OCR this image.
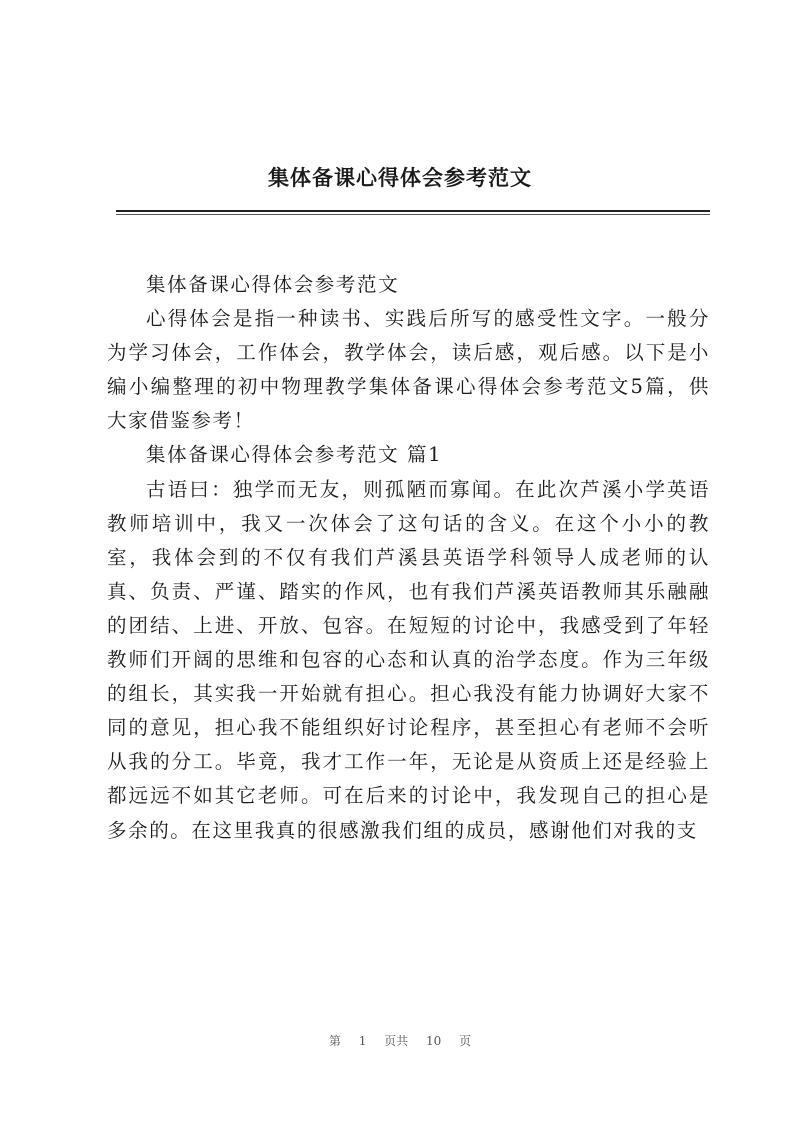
集体备课心得体会参考范文

集体备课心得体会参考范文

心得体会是指一种读书、实践后所写的感受性文字。一般分为学习体会，工作体会，教学体会，读后感，观后感。以下是小编小编整理的初中物理教学集体备课心得体会参考范文5篇，供大家借鉴参考！

集体备课心得体会参考范文 篇1

古语曰：独学而无友，则孤陋而寡闻。在此次芦溪小学英语教师培训中，我又一次体会了这句话的含义。在这个小小的教室，我体会到的不仅有我们芦溪县英语学科领导人成老师的认真、负责、严谨、踏实的作风，也有我们芦溪英语教师其乐融融的团结、上进、开放、包容。在短短的讨论中，我感受到了年轻教师们开阔的思维和包容的心态和认真的治学态度。作为三年级的组长，其实我一开始就有担心。担心我没有能力协调好大家不同的意见，担心我不能组织好讨论程序，甚至担心有老师不会听从我的分工。毕竟，我才工作一年，无论是从资质上还是经验上都远远不如其它老师。可在后来的讨论中，我发现自己的担心是多余的。在这里我真的很感激我们组的成员，感谢他们对我的支

第 1 页共 10 页
